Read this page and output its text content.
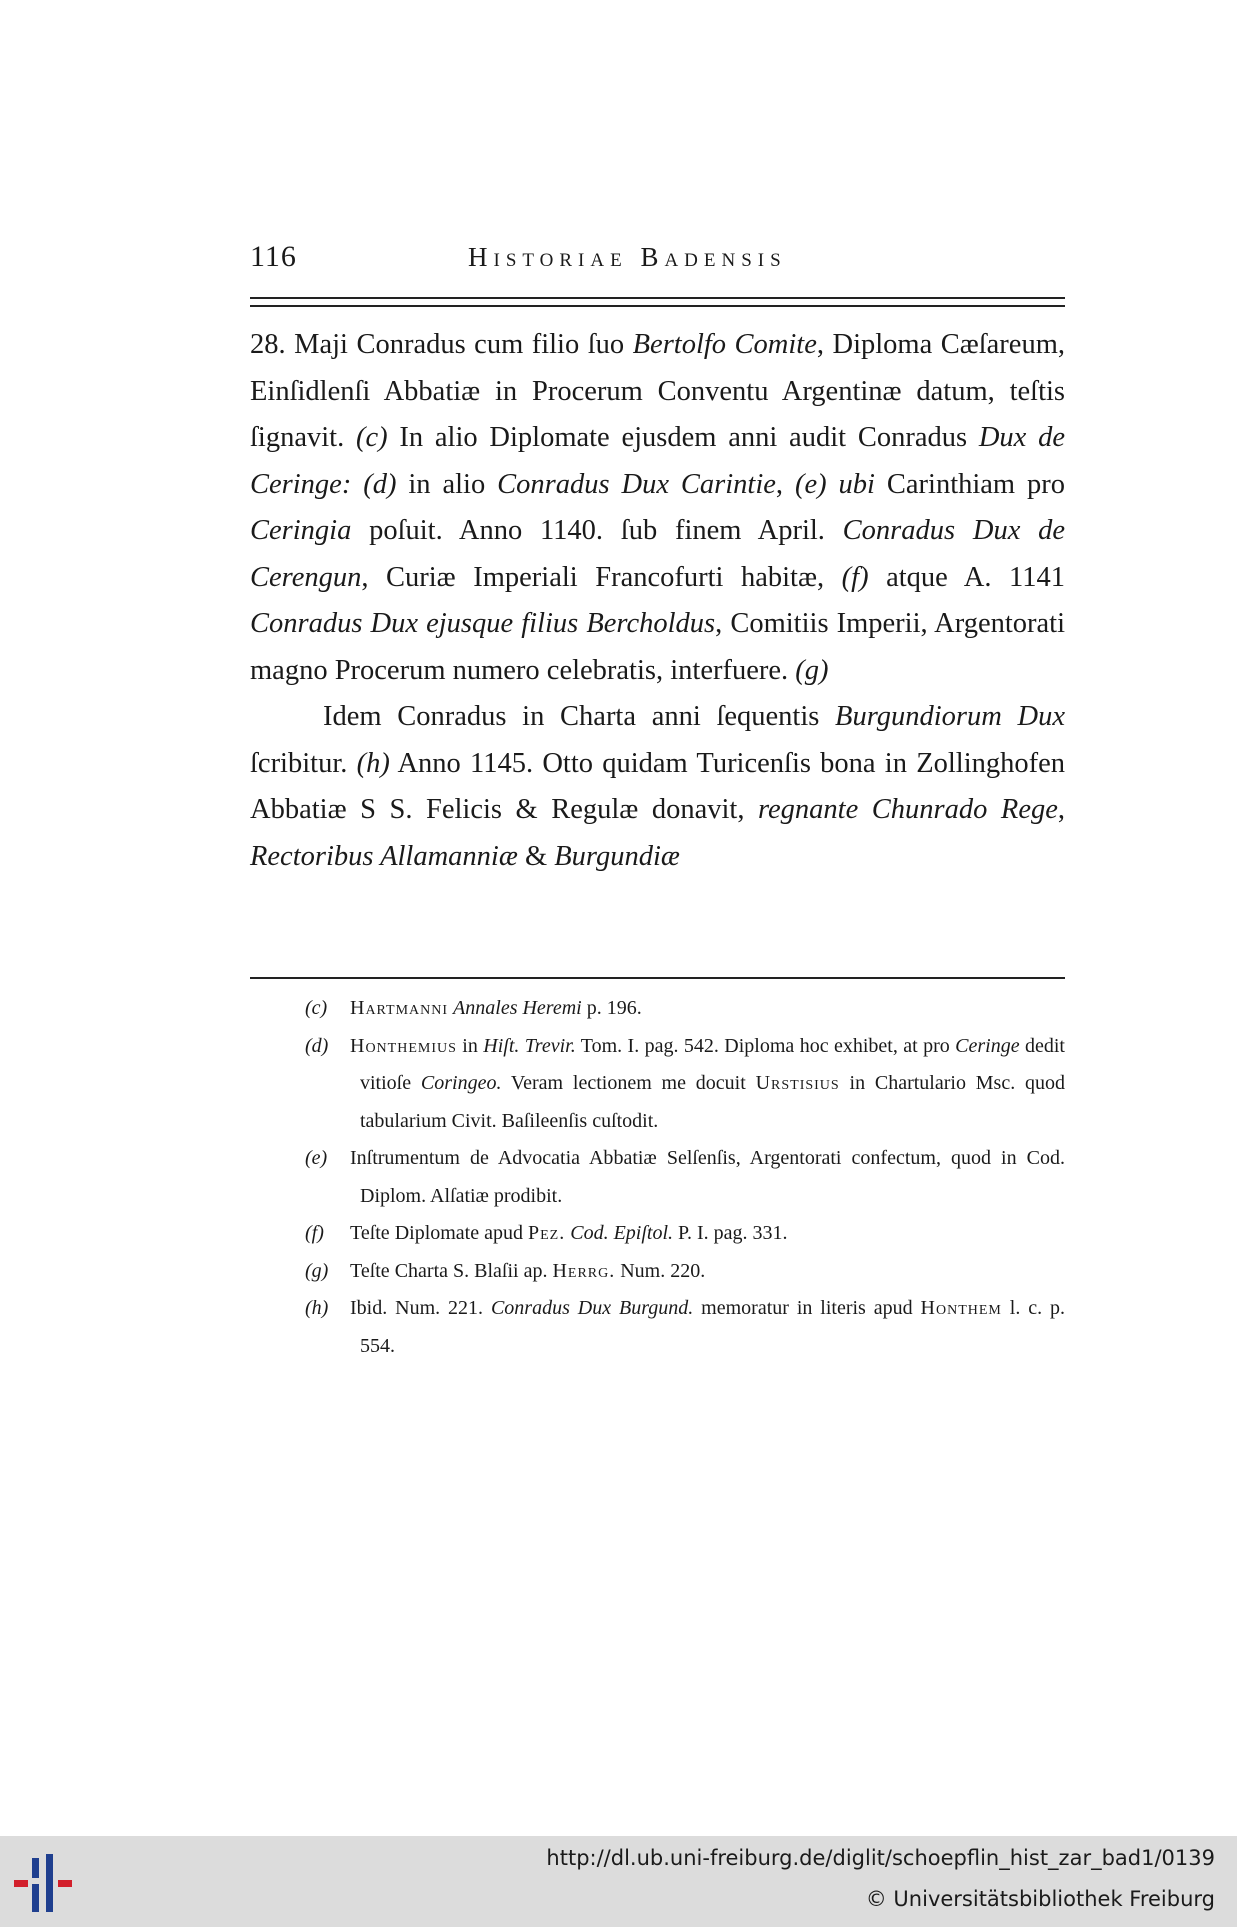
116	Historiae Badensis

28. Maji Conradus cum filio ſuo Bertolfo Comite, Diploma Cæſareum, Einſidlenſi Abbatiæ in Procerum Conventu Argentinæ datum, teſtis ſignavit. (c) In alio Diplomate ejusdem anni audit Conradus Dux de Ceringe: (d) in alio Conradus Dux Carintie, (e) ubi Carinthiam pro Ceringia poſuit. Anno 1140. ſub finem April. Conradus Dux de Cerengun, Curiæ Imperiali Francofurti habitæ, (f) atque A. 1141 Conradus Dux ejusque filius Bercholdus, Comitiis Imperii, Argentorati magno Procerum numero celebratis, interfuere. (g)

Idem Conradus in Charta anni ſequentis Burgundiorum Dux ſcribitur. (h) Anno 1145. Otto quidam Turicenſis bona in Zollinghofen Abbatiæ S S. Felicis & Regulæ donavit, regnante Chunrado Rege, Rectoribus Allamanniæ & Burgundiæ

(c) Hartmanni Annales Heremi p. 196.
(d) Honthemius in Hiſt. Trevir. Tom. I. pag. 542. Diploma hoc exhibet, at pro Ceringe dedit vitioſe Coringeo. Veram lectionem me docuit Urstisius in Chartulario Msc. quod tabularium Civit. Baſileenſis cuſtodit.
(e) Inſtrumentum de Advocatia Abbatiæ Selſenſis, Argentorati confectum, quod in Cod. Diplom. Alſatiæ prodibit.
(f) Teſte Diplomate apud Pez. Cod. Epiſtol. P. I. pag. 331.
(g) Teſte Charta S. Blaſii ap. Herrg. Num. 220.
(h) Ibid. Num. 221. Conradus Dux Burgund. memoratur in literis apud Honthem l. c. p. 554.
http://dl.ub.uni-freiburg.de/diglit/schoepflin_hist_zar_bad1/0139
© Universitätsbibliothek Freiburg
